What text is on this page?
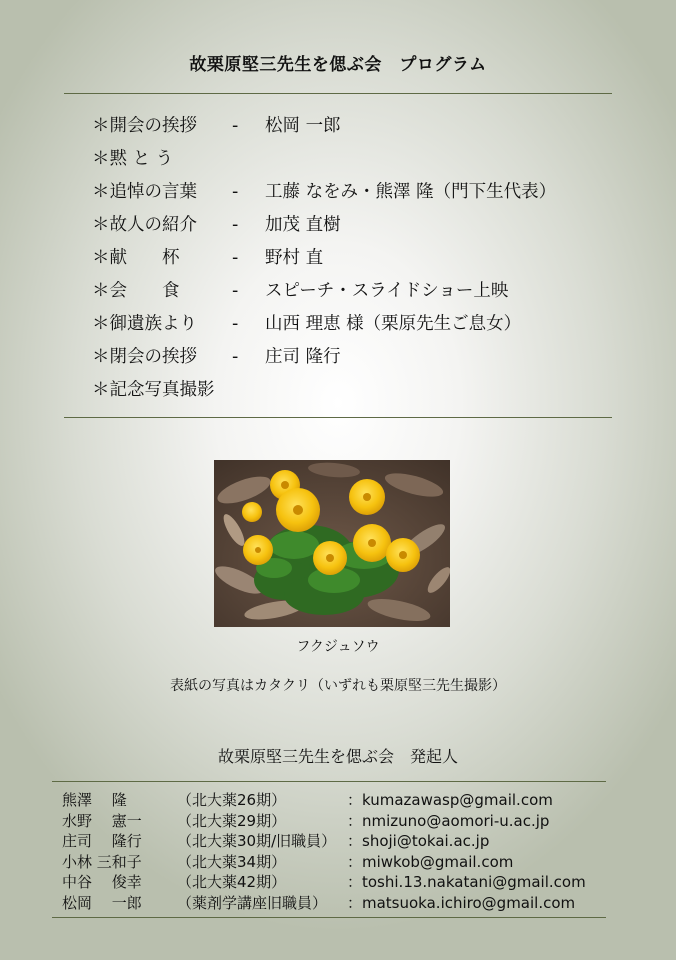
故栗原堅三先生を偲ぶ会　プログラム
＊開会の挨拶 - 松岡 一郎
＊黙 と う
＊追悼の言葉 - 工藤 なをみ・熊澤 隆（門下生代表）
＊故人の紹介 - 加茂 直樹
＊献　　杯	- 野村 直
＊会　　食	- スピーチ・スライドショー上映
＊御遺族より - 山西 理恵 様（栗原先生ご息女）
＊閉会の挨拶 - 庄司 隆行
＊記念写真撮影
フクジュソウ
表紙の写真はカタクリ（いずれも栗原堅三先生撮影）
故栗原堅三先生を偲ぶ会　発起人
熊澤　 隆	（北大薬26期）	：kumazawasp@gmail.com
水野　 憲一 （北大薬29期）	：nmizuno@aomori-u.ac.jp
庄司　 隆行 （北大薬30期/旧職員） ：shoji@tokai.ac.jp
小林 三和子 （北大薬34期）	：miwkob@gmail.com
中谷　 俊幸 （北大薬42期）	：toshi.13.nakatani@gmail.com
松岡　 一郎 （薬剤学講座旧職員） ：matsuoka.ichiro@gmail.com
